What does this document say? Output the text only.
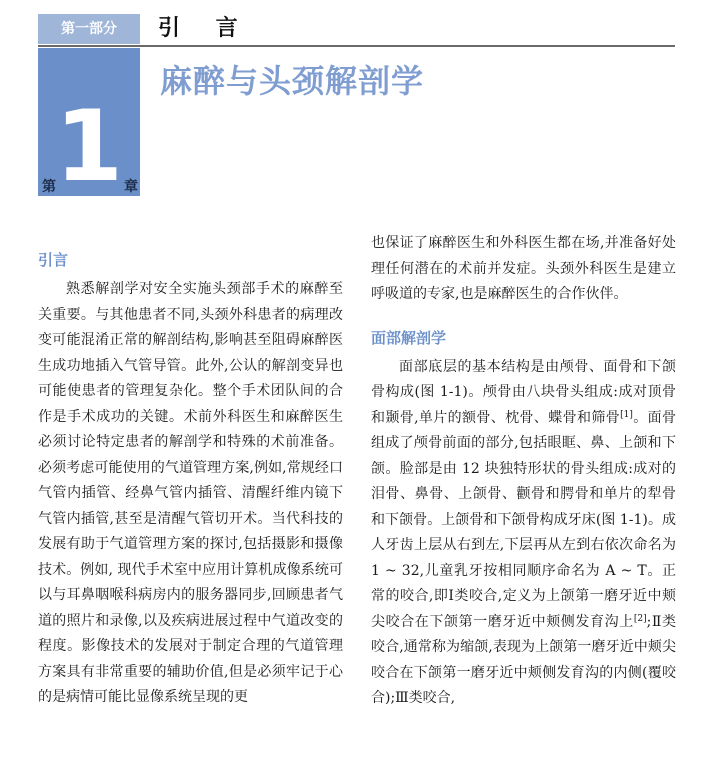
第一部分	引 言
1
第	章
麻醉与头颈解剖学
引言

熟悉解剖学对安全实施头颈部手术的麻醉至关重要。与其他患者不同,头颈外科患者的病理改变可能混淆正常的解剖结构,影响甚至阻碍麻醉医生成功地插入气管导管。此外,公认的解剖变异也可能使患者的管理复杂化。整个手术团队间的合作是手术成功的关键。术前外科医生和麻醉医生必须讨论特定患者的解剖学和特殊的术前准备。必须考虑可能使用的气道管理方案,例如,常规经口气管内插管、经鼻气管内插管、清醒纤维内镜下气管内插管,甚至是清醒气管切开术。当代科技的发展有助于气道管理方案的探讨,包括摄影和摄像技术。例如, 现代手术室中应用计算机成像系统可以与耳鼻咽喉科病房内的服务器同步,回顾患者气道的照片和录像,以及疾病进展过程中气道改变的程度。影像技术的发展对于制定合理的气道管理方案具有非常重要的辅助价值,但是必须牢记于心的是病情可能比显像系统呈现的更

也保证了麻醉医生和外科医生都在场,并准备好处理任何潜在的术前并发症。头颈外科医生是建立呼吸道的专家,也是麻醉医生的合作伙伴。

面部解剖学

面部底层的基本结构是由颅骨、面骨和下颌骨构成(图 1-1)。颅骨由八块骨头组成:成对顶骨和颞骨,单片的额骨、枕骨、蝶骨和筛骨[1]。面骨组成了颅骨前面的部分,包括眼眶、鼻、上颌和下颌。脸部是由 12 块独特形状的骨头组成:成对的泪骨、鼻骨、上颌骨、颧骨和腭骨和单片的犁骨和下颌骨。上颌骨和下颌骨构成牙床(图 1-1)。成人牙齿上层从右到左,下层再从左到右依次命名为 1 ~ 32,儿童乳牙按相同顺序命名为 A ~ T。正常的咬合,即Ⅰ类咬合,定义为上颌第一磨牙近中颊尖咬合在下颌第一磨牙近中颊侧发育沟上[2];Ⅱ类咬合,通常称为缩颌,表现为上颌第一磨牙近中颊尖咬合在下颌第一磨牙近中颊侧发育沟的内侧(覆咬合);Ⅲ类咬合,
